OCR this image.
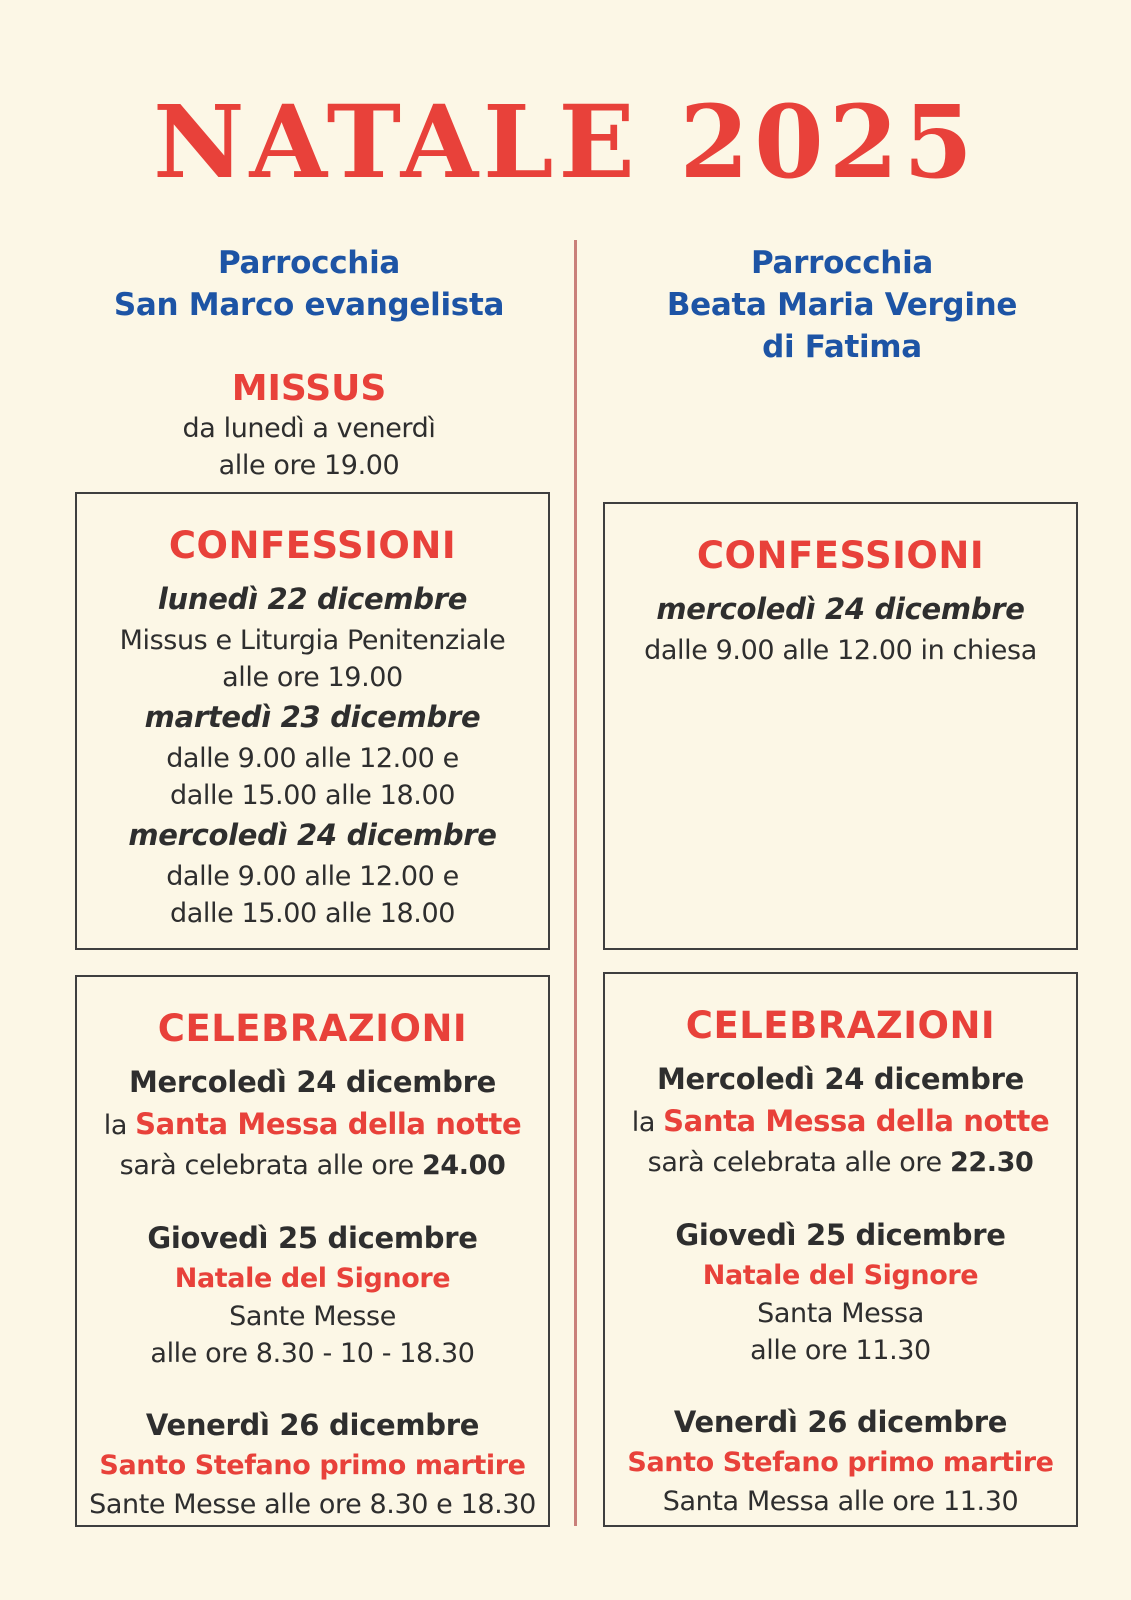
NATALE 2025
Parrocchia
San Marco evangelista
Parrocchia
Beata Maria Vergine
di Fatima
MISSUS
da lunedì a venerdì
alle ore 19.00
CONFESSIONI
lunedì 22 dicembre
Missus e Liturgia Penitenziale
alle ore 19.00
martedì 23 dicembre
dalle 9.00 alle 12.00 e
dalle 15.00 alle 18.00
mercoledì 24 dicembre
dalle 9.00 alle 12.00 e
dalle 15.00 alle 18.00
CONFESSIONI
mercoledì 24 dicembre
dalle 9.00 alle 12.00 in chiesa
CELEBRAZIONI
Mercoledì 24 dicembre
la Santa Messa della notte
sarà celebrata alle ore 24.00
Giovedì 25 dicembre
Natale del Signore
Sante Messe
alle ore 8.30 - 10 - 18.30
Venerdì 26 dicembre
Santo Stefano primo martire
Sante Messe alle ore 8.30 e 18.30
CELEBRAZIONI
Mercoledì 24 dicembre
la Santa Messa della notte
sarà celebrata alle ore 22.30
Giovedì 25 dicembre
Natale del Signore
Santa Messa
alle ore 11.30
Venerdì 26 dicembre
Santo Stefano primo martire
Santa Messa alle ore 11.30
